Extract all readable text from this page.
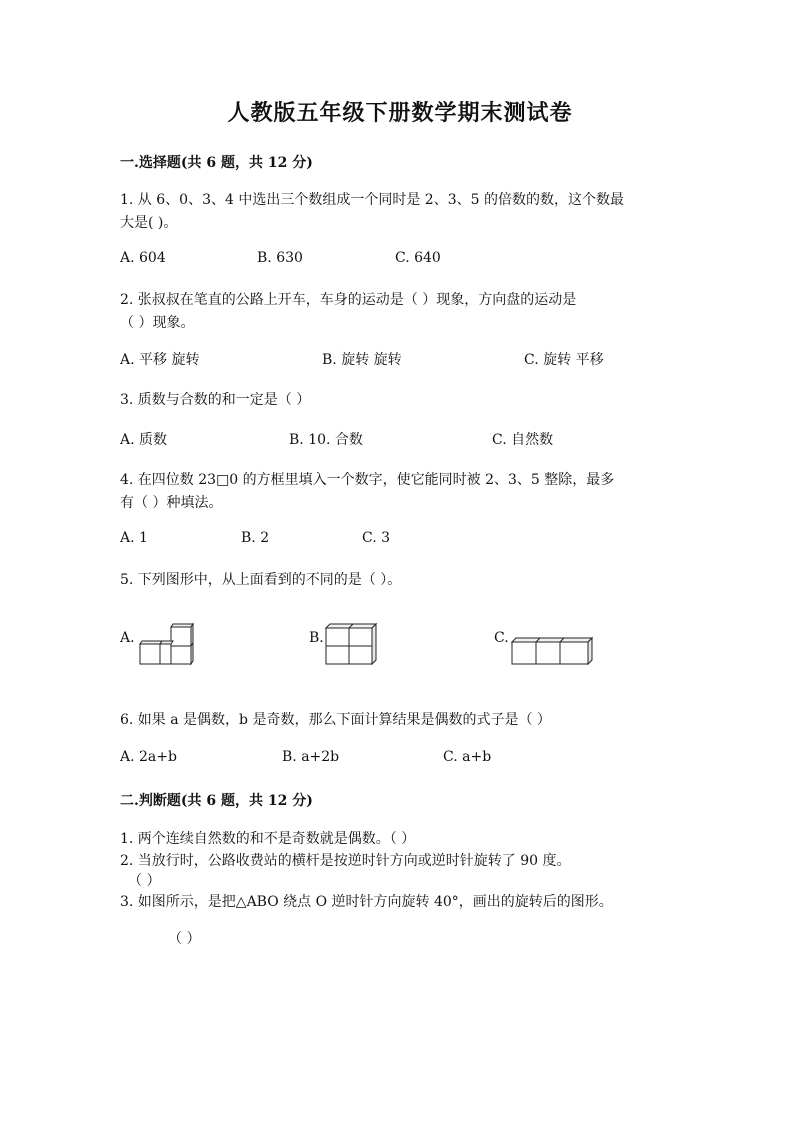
人教版五年级下册数学期末测试卷
一.选择题(共 6 题，共 12 分)
1. 从 6、0、3、4 中选出三个数组成一个同时是 2、3、5 的倍数的数，这个数最
大是( )。
A. 604	B. 630	C. 640
2. 张叔叔在笔直的公路上开车，车身的运动是（ ）现象，方向盘的运动是
（ ）现象。
A. 平移 旋转	B. 旋转 旋转	C. 旋转 平移
3. 质数与合数的和一定是（ ）
A. 质数	B. 10. 合数	C. 自然数
4. 在四位数 23□0 的方框里填入一个数字，使它能同时被 2、3、5 整除，最多
有（ ）种填法。
A. 1	B. 2	C. 3
5. 下列图形中，从上面看到的不同的是（ ）。
A.	B.	C.
6. 如果 a 是偶数，b 是奇数，那么下面计算结果是偶数的式子是（ ）
A. 2a+b	B. a+2b	C. a+b
二.判断题(共 6 题，共 12 分)
1. 两个连续自然数的和不是奇数就是偶数。（ ）
2. 当放行时，公路收费站的横杆是按逆时针方向或逆时针旋转了 90 度。
（ ）
3. 如图所示，是把△ABO 绕点 O 逆时针方向旋转 40°，画出的旋转后的图形。
（ ）
